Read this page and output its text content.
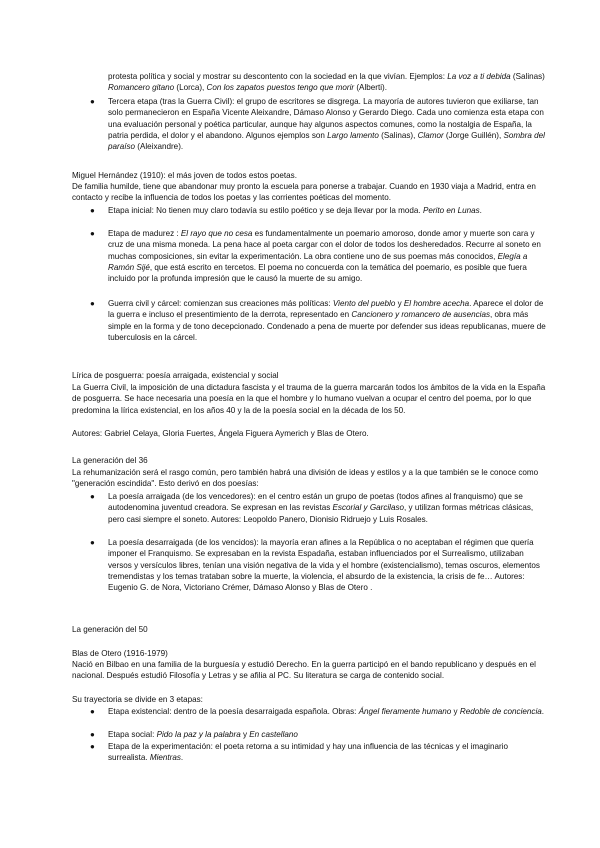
protesta política y social y mostrar su descontento con la sociedad en la que vivían. Ejemplos: La voz a ti debida (Salinas) Romancero gitano (Lorca), Con los zapatos puestos tengo que morir (Alberti).

● Tercera etapa (tras la Guerra Civil): el grupo de escritores se disgrega. La mayoría de autores tuvieron que exiliarse, tan solo permanecieron en España Vicente Aleixandre, Dámaso Alonso y Gerardo Diego. Cada uno comienza esta etapa con una evaluación personal y poética particular, aunque hay algunos aspectos comunes, como la nostalgia de España, la patria perdida, el dolor y el abandono. Algunos ejemplos son Largo lamento (Salinas), Clamor (Jorge Guillén), Sombra del paraíso (Aleixandre).

Miguel Hernández (1910): el más joven de todos estos poetas.

De familia humilde, tiene que abandonar muy pronto la escuela para ponerse a trabajar. Cuando en 1930 viaja a Madrid, entra en contacto y recibe la influencia de todos los poetas y las corrientes poéticas del momento.

● Etapa inicial: No tienen muy claro todavía su estilo poético y se deja llevar por la moda. Perito en Lunas.

● Etapa de madurez : El rayo que no cesa es fundamentalmente un poemario amoroso, donde amor y muerte son cara y cruz de una misma moneda. La pena hace al poeta cargar con el dolor de todos los desheredados. Recurre al soneto en muchas composiciones, sin evitar la experimentación. La obra contiene uno de sus poemas más conocidos, Elegía a Ramón Sijé, que está escrito en tercetos. El poema no concuerda con la temática del poemario, es posible que fuera incluido por la profunda impresión que le causó la muerte de su amigo.

● Guerra civil y cárcel: comienzan sus creaciones más políticas: Viento del pueblo y El hombre acecha. Aparece el dolor de la guerra e incluso el presentimiento de la derrota, representado en Cancionero y romancero de ausencias, obra más simple en la forma y de tono decepcionado. Condenado a pena de muerte por defender sus ideas republicanas, muere de tuberculosis en la cárcel.

Lírica de posguerra: poesía arraigada, existencial y social

La Guerra Civil, la imposición de una dictadura fascista y el trauma de la guerra marcarán todos los ámbitos de la vida en la España de posguerra. Se hace necesaria una poesía en la que el hombre y lo humano vuelvan a ocupar el centro del poema, por lo que predomina la lírica existencial, en los años 40 y la de la poesía social en la década de los 50.

Autores: Gabriel Celaya, Gloria Fuertes, Ángela Figuera Aymerich y Blas de Otero.

La generación del 36

La rehumanización será el rasgo común, pero también habrá una división de ideas y estilos y a la que también se le conoce como "generación escindida". Esto derivó en dos poesías:

● La poesía arraigada (de los vencedores): en el centro están un grupo de poetas (todos afines al franquismo) que se autodenomina juventud creadora. Se expresan en las revistas Escorial y Garcilaso, y utilizan formas métricas clásicas, pero casi siempre el soneto. Autores: Leopoldo Panero, Dionisio Ridruejo y Luis Rosales.

● La poesía desarraigada (de los vencidos): la mayoría eran afines a la República o no aceptaban el régimen que quería imponer el Franquismo. Se expresaban en la revista Espadaña, estaban influenciados por el Surrealismo, utilizaban versos y versículos libres, tenían una visión negativa de la vida y el hombre (existencialismo), temas oscuros, elementos tremendistas y los temas trataban sobre la muerte, la violencia, el absurdo de la existencia, la crisis de fe… Autores: Eugenio G. de Nora, Victoriano Crémer, Dámaso Alonso y Blas de Otero .

La generación del 50

Blas de Otero (1916-1979)

Nació en Bilbao en una familia de la burguesía y estudió Derecho. En la guerra participó en el bando republicano y después en el nacional. Después estudió Filosofía y Letras y se afilia al PC. Su literatura se carga de contenido social.

Su trayectoria se divide en 3 etapas:

● Etapa existencial: dentro de la poesía desarraigada española. Obras: Ángel fieramente humano y Redoble de conciencia.

● Etapa social: Pido la paz y la palabra y En castellano

● Etapa de la experimentación: el poeta retorna a su intimidad y hay una influencia de las técnicas y el imaginario surrealista. Mientras.
